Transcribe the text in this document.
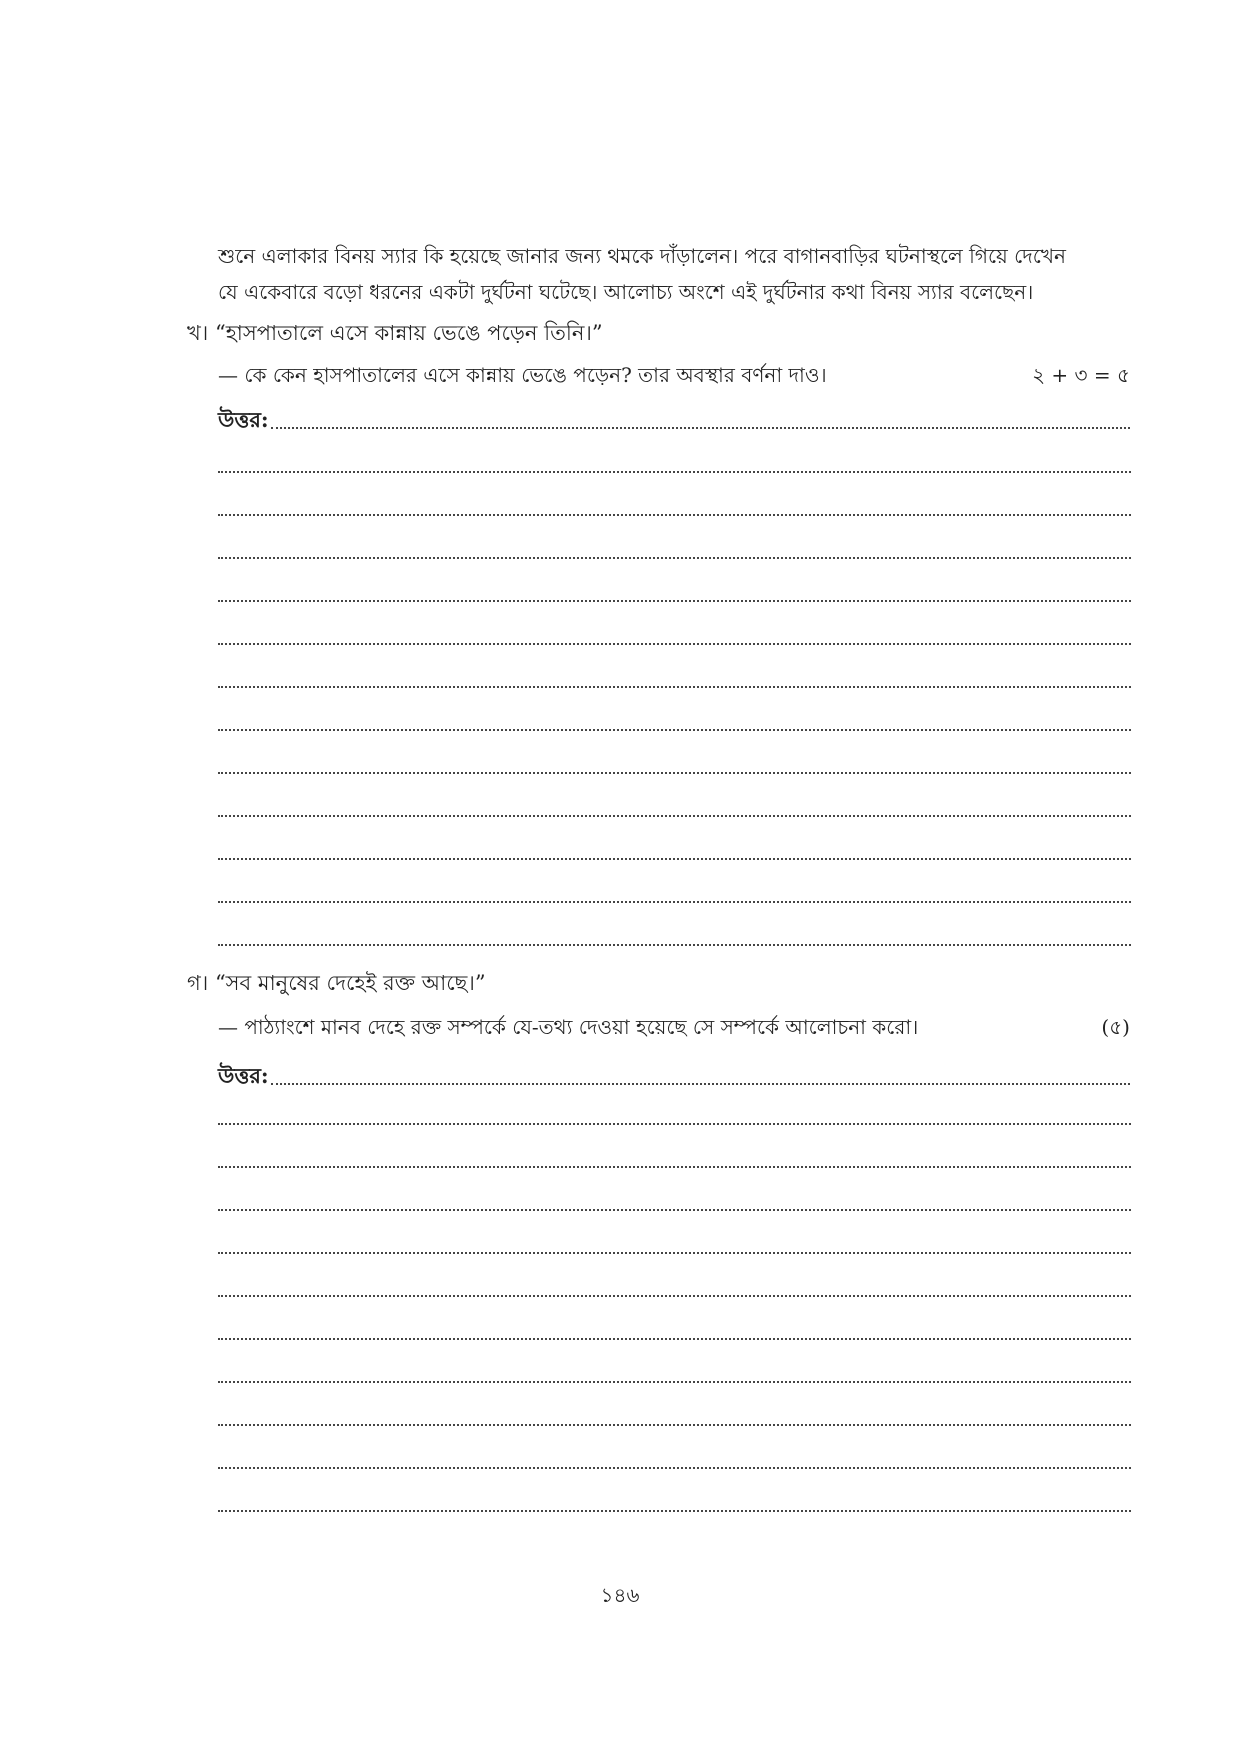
শুনে এলাকার বিনয় স্যার কি হয়েছে জানার জন্য থমকে দাঁড়ালেন। পরে বাগানবাড়ির ঘটনাস্থলে গিয়ে দেখেন

যে একেবারে বড়ো ধরনের একটা দুর্ঘটনা ঘটেছে। আলোচ্য অংশে এই দুর্ঘটনার কথা বিনয় স্যার বলেছেন।

খ। “হাসপাতালে এসে কান্নায় ভেঙে পড়েন তিনি।”
— কে কেন হাসপাতালের এসে কান্নায় ভেঙে পড়েন? তার অবস্থার বর্ণনা দাও।	২ + ৩ = ৫
উত্তর:
গ। “সব মানুষের দেহেই রক্ত আছে।”
— পাঠ্যাংশে মানব দেহে রক্ত সম্পর্কে যে-তথ্য দেওয়া হয়েছে সে সম্পর্কে আলোচনা করো।	(৫)
উত্তর:
১৪৬
